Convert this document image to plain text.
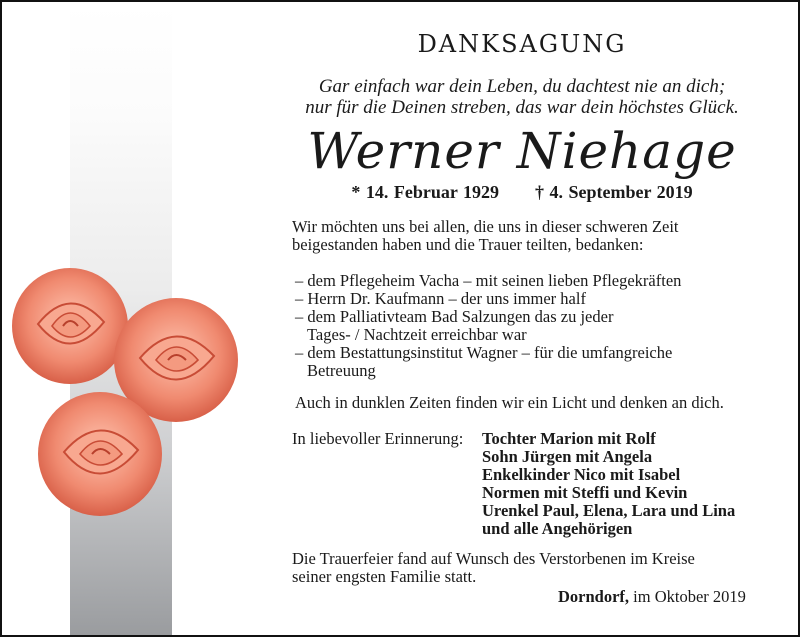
DANKSAGUNG
Gar einfach war dein Leben, du dachtest nie an dich;
nur für die Deinen streben, das war dein höchstes Glück.
Werner Niehage
* 14. Februar 1929 † 4. September 2019
Wir möchten uns bei allen, die uns in dieser schweren Zeit
beigestanden haben und die Trauer teilten, bedanken:
– dem Pflegeheim Vacha – mit seinen lieben Pflegekräften
– Herrn Dr. Kaufmann – der uns immer half
– dem Palliativteam Bad Salzungen das zu jeder
Tages- / Nachtzeit erreichbar war
– dem Bestattungsinstitut Wagner – für die umfangreiche
Betreuung
Auch in dunklen Zeiten finden wir ein Licht und denken an dich.
In liebevoller Erinnerung: Tochter Marion mit Rolf
Sohn Jürgen mit Angela
Enkelkinder Nico mit Isabel
Normen mit Steffi und Kevin
Urenkel Paul, Elena, Lara und Lina
und alle Angehörigen
Die Trauerfeier fand auf Wunsch des Verstorbenen im Kreise
seiner engsten Familie statt.
Dorndorf, im Oktober 2019
